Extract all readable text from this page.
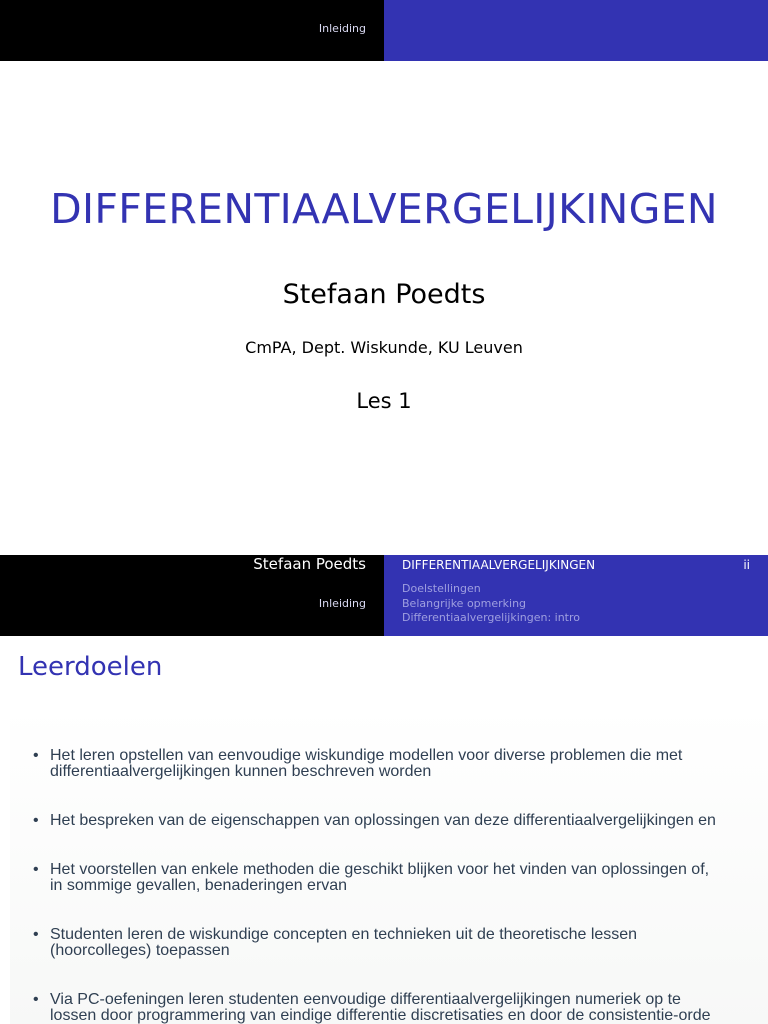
Inleiding
DIFFERENTIAALVERGELIJKINGEN
Stefaan Poedts
CmPA, Dept. Wiskunde, KU Leuven
Les 1
Stefaan Poedts
Inleiding
DIFFERENTIAALVERGELIJKINGEN	ii
Doelstellingen
Belangrijke opmerking
Differentiaalvergelijkingen: intro
Leerdoelen
• Het leren opstellen van eenvoudige wiskundige modellen voor diverse problemen die met
differentiaalvergelijkingen kunnen beschreven worden
• Het bespreken van de eigenschappen van oplossingen van deze differentiaalvergelijkingen en
• Het voorstellen van enkele methoden die geschikt blijken voor het vinden van oplossingen of,
in sommige gevallen, benaderingen ervan
• Studenten leren de wiskundige concepten en technieken uit de theoretische lessen
(hoorcolleges) toepassen
• Via PC-oefeningen leren studenten eenvoudige differentiaalvergelijkingen numeriek op te
lossen door programmering van eindige differentie discretisaties en door de consistentie-orde
